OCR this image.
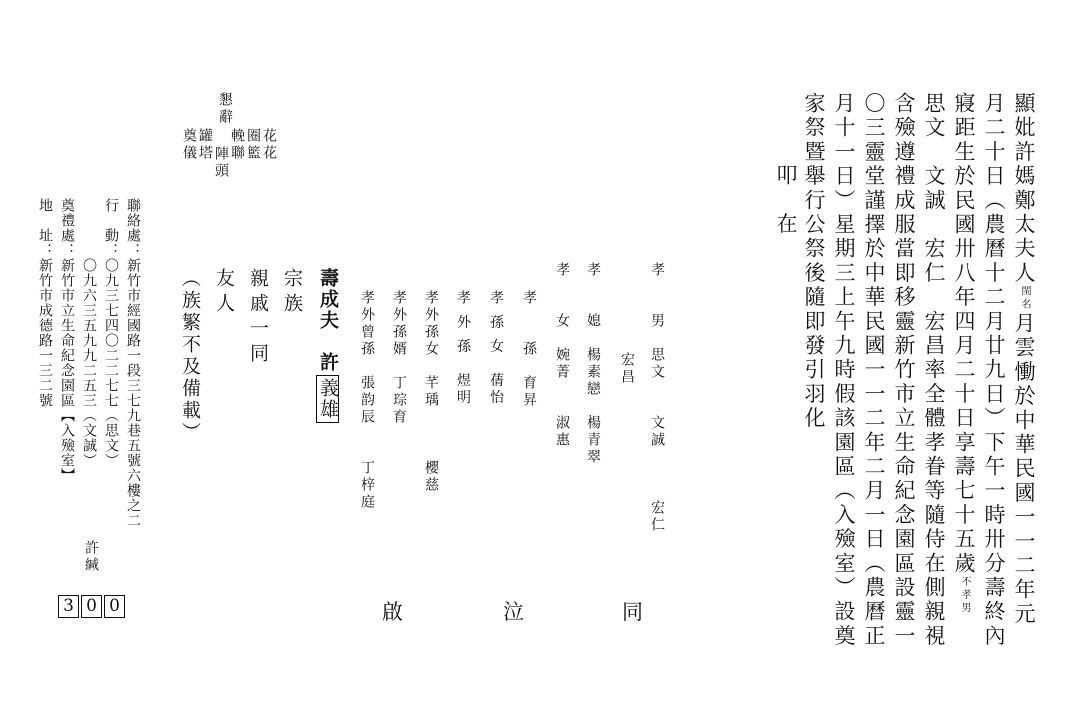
顯妣許媽鄭太夫人閨名月雲慟於中華民國一一二年元
月二十日（農曆十二月廿九日）下午一時卅分壽終內
寢距生於民國卅八年四月二十日享壽七十五歲不孝男
思文　文誠　宏仁　宏昌率全體孝眷等隨侍在側親視
含殮遵禮成服當即移靈新竹市立生命紀念園區設靈一
〇三靈堂謹擇於中華民國一一二年二月一日（農曆正
月十一日）星期三上午九時假該園區（入殮室）設奠
家祭暨舉行公祭後隨即發引羽化
　叩　在
孝　　男　思文　　文誠　　　宏仁
宏昌
孝　　媳　楊素戀　楊青翠
孝　　女　婉菁　　淑惠
孝　　孫　育昇
孝 孫 女　蒨怡
孝 外 孫　煜明
孝外孫女　芊瑀　　　櫻慈
孝外孫婿　丁琮育
孝外曾孫　張韵辰　　丁梓庭
壽成夫　許義雄
宗族
親戚一同
友人
（族繁不及備載）
懇辭
花花
圈籃
輓聯
陣頭
罐塔
奠儀
聯絡處：新竹市經國路一段三七九巷五號六樓之二
行　動：〇九三七四〇二二七七（思文）
　　　　〇九六三五九九二五三（文誠）
奠禮處：新竹市立生命紀念園區【入殮室】
地　址：新竹市成德路一三二號
許緘
3 0 0	同
泣
啟
